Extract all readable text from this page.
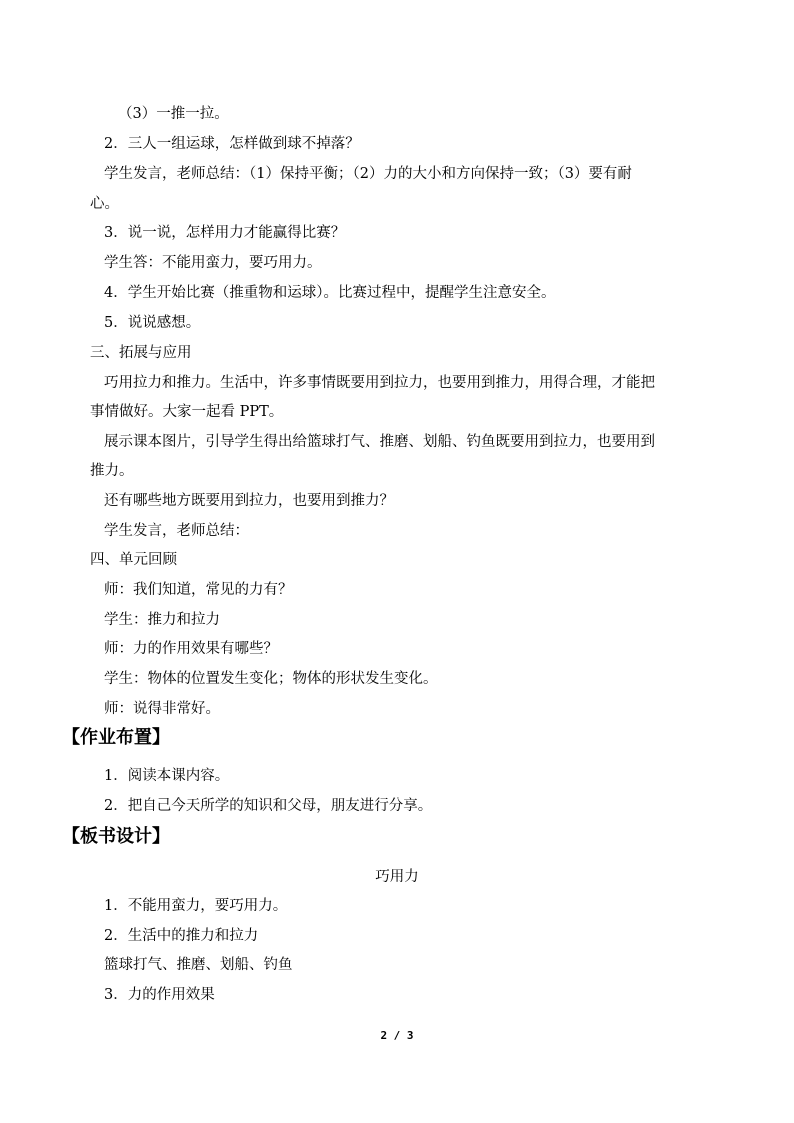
（3）一推一拉。
2．三人一组运球，怎样做到球不掉落？
学生发言，老师总结：（1）保持平衡；（2）力的大小和方向保持一致；（3）要有耐
心。
3．说一说，怎样用力才能赢得比赛？
学生答：不能用蛮力，要巧用力。
4．学生开始比赛（推重物和运球）。比赛过程中，提醒学生注意安全。
5．说说感想。
三、拓展与应用
巧用拉力和推力。生活中，许多事情既要用到拉力，也要用到推力，用得合理，才能把
事情做好。大家一起看 PPT。
展示课本图片，引导学生得出给篮球打气、推磨、划船、钓鱼既要用到拉力，也要用到
推力。
还有哪些地方既要用到拉力，也要用到推力？
学生发言，老师总结：
四、单元回顾
师：我们知道，常见的力有？
学生：推力和拉力
师：力的作用效果有哪些？
学生：物体的位置发生变化；物体的形状发生变化。
师：说得非常好。
【作业布置】
1．阅读本课内容。
2．把自己今天所学的知识和父母，朋友进行分享。
【板书设计】
巧用力
1．不能用蛮力，要巧用力。
2．生活中的推力和拉力
篮球打气、推磨、划船、钓鱼
3．力的作用效果
2 / 3
